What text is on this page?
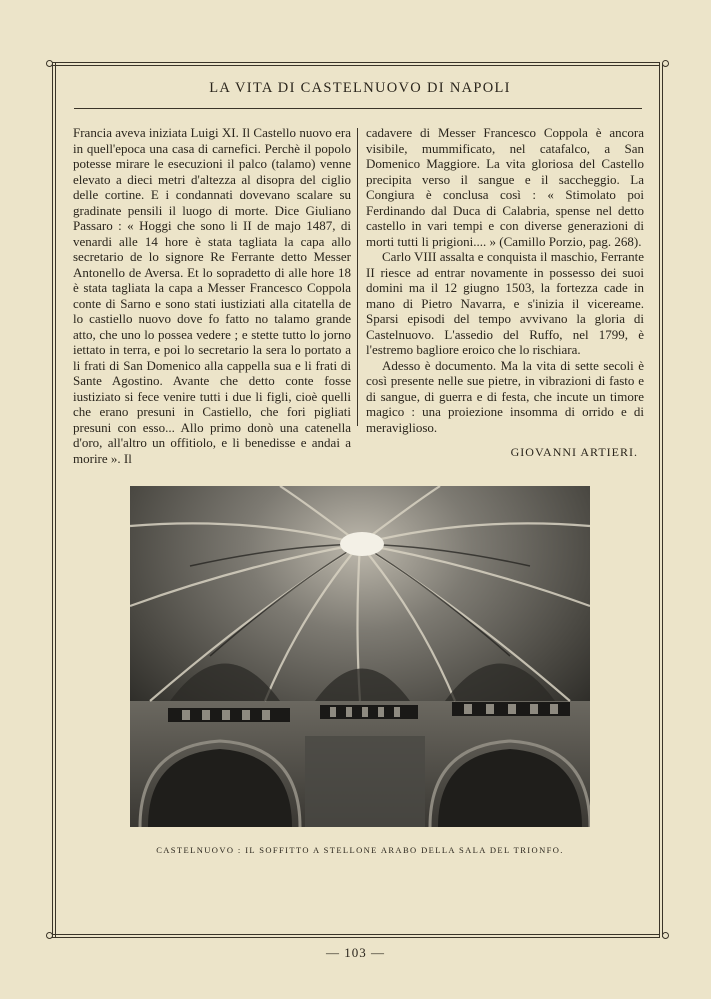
LA VITA DI CASTELNUOVO DI NAPOLI

Francia aveva iniziata Luigi XI. Il Castello nuovo era in quell'epoca una casa di carnefici. Perchè il popolo potesse mirare le esecuzioni il palco (talamo) venne elevato a dieci metri d'altezza al disopra del ciglio delle cortine. E i condannati dovevano scalare su gradinate pensili il luogo di morte. Dice Giuliano Passaro : « Hoggi che sono li II de majo 1487, di venardi alle 14 hore è stata tagliata la capa allo secretario de lo signore Re Ferrante detto Messer Antonello de Aversa. Et lo sopradetto di alle hore 18 è stata tagliata la capa a Messer Francesco Coppola conte di Sarno e sono stati iustiziati alla citatella de lo castiello nuovo dove fo fatto no talamo grande atto, che uno lo possea vedere ; e stette tutto lo jorno iettato in terra, e poi lo secretario la sera lo portato a li frati di San Domenico alla cappella sua e li frati di Sante Agostino. Avante che detto conte fosse iustiziato si fece venire tutti i due li figli, cioè quelli che erano presuni in Castiello, che fori pigliati presuni con esso... Allo primo donò una catenella d'oro, all'altro un offitiolo, e li benedisse e andai a morire ». Il

cadavere di Messer Francesco Coppola è ancora visibile, mummificato, nel catafalco, a San Domenico Maggiore. La vita gloriosa del Castello precipita verso il sangue e il saccheggio. La Congiura è conclusa così : « Stimolato poi Ferdinando dal Duca di Calabria, spense nel detto castello in vari tempi e con diverse generazioni di morti tutti li prigioni.... » (Camillo Porzio, pag. 268).

Carlo VIII assalta e conquista il maschio, Ferrante II riesce ad entrar novamente in possesso dei suoi domini ma il 12 giugno 1503, la fortezza cade in mano di Pietro Navarra, e s'inizia il vicereame. Sparsi episodi del tempo avvivano la gloria di Castelnuovo. L'assedio del Ruffo, nel 1799, è l'estremo bagliore eroico che lo rischiara.

Adesso è documento. Ma la vita di sette secoli è così presente nelle sue pietre, in vibrazioni di fasto e di sangue, di guerra e di festa, che incute un timore magico : una proiezione insomma di orrido e di meraviglioso.

GIOVANNI ARTIERI.
CASTELNUOVO : IL SOFFITTO A STELLONE ARABO DELLA SALA DEL TRIONFO.
— 103 —
